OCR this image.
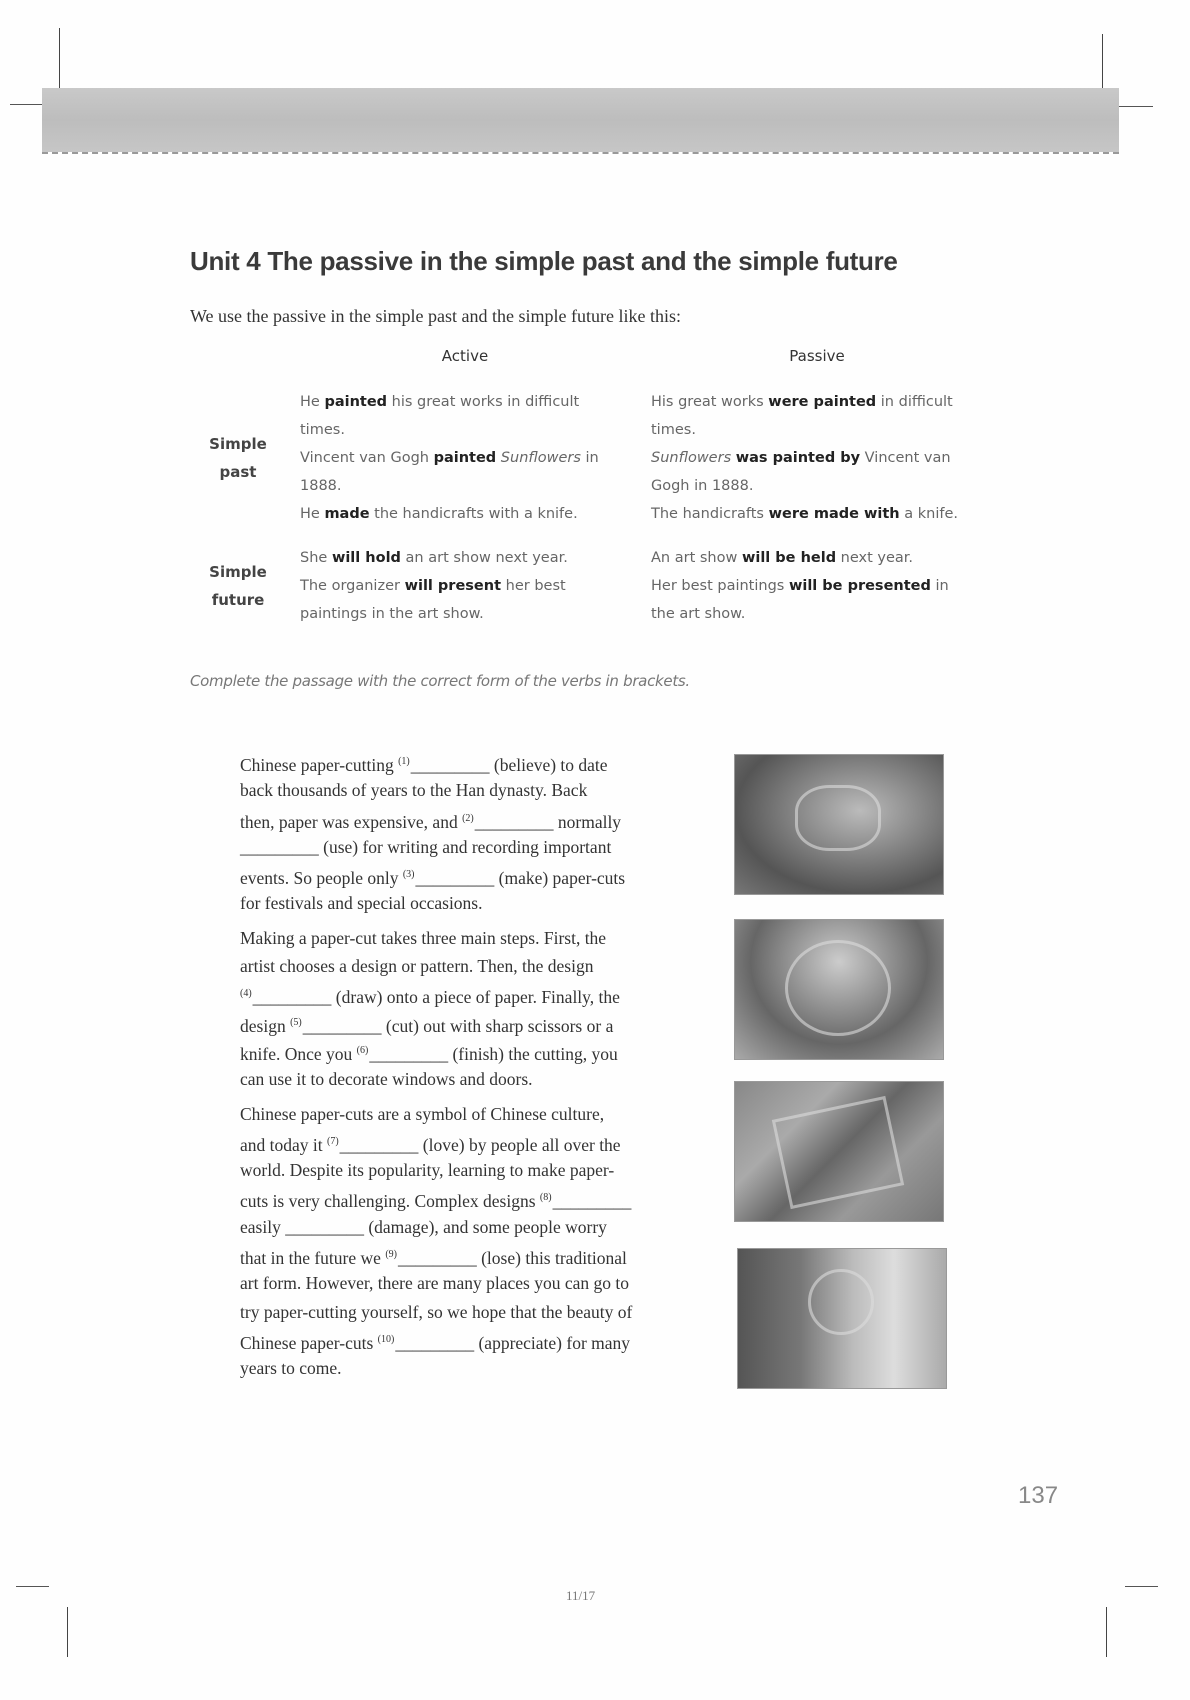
Unit 4 The passive in the simple past and the simple future
We use the passive in the simple past and the simple future like this:
Active	Passive
Simple
past
He painted his great works in difficult
times.
Vincent van Gogh painted Sunflowers in
1888.
He made the handicrafts with a knife.
His great works were painted in difficult
times.
Sunflowers was painted by Vincent van
Gogh in 1888.
The handicrafts were made with a knife.
Simple
future
She will hold an art show next year.
The organizer will present her best
paintings in the art show.
An art show will be held next year.
Her best paintings will be presented in
the art show.
Complete the passage with the correct form of the verbs in brackets.
Chinese paper-cutting $^{(1)}$_________ (believe) to date
back thousands of years to the Han dynasty. Back
then, paper was expensive, and $^{(2)}$_________ normally
_________ (use) for writing and recording important
events. So people only $^{(3)}$_________ (make) paper-cuts
for festivals and special occasions.
Making a paper-cut takes three main steps. First, the
artist chooses a design or pattern. Then, the design
$^{(4)}$_________ (draw) onto a piece of paper. Finally, the
design $^{(5)}$_________ (cut) out with sharp scissors or a
knife. Once you $^{(6)}$_________ (finish) the cutting, you
can use it to decorate windows and doors.
Chinese paper-cuts are a symbol of Chinese culture,
and today it $^{(7)}$_________ (love) by people all over the
world. Despite its popularity, learning to make paper-
cuts is very challenging. Complex designs $^{(8)}$_________
easily _________ (damage), and some people worry
that in the future we $^{(9)}$_________ (lose) this traditional
art form. However, there are many places you can go to
try paper-cutting yourself, so we hope that the beauty of
Chinese paper-cuts $^{(10)}$_________ (appreciate) for many
years to come.
137
11/17
